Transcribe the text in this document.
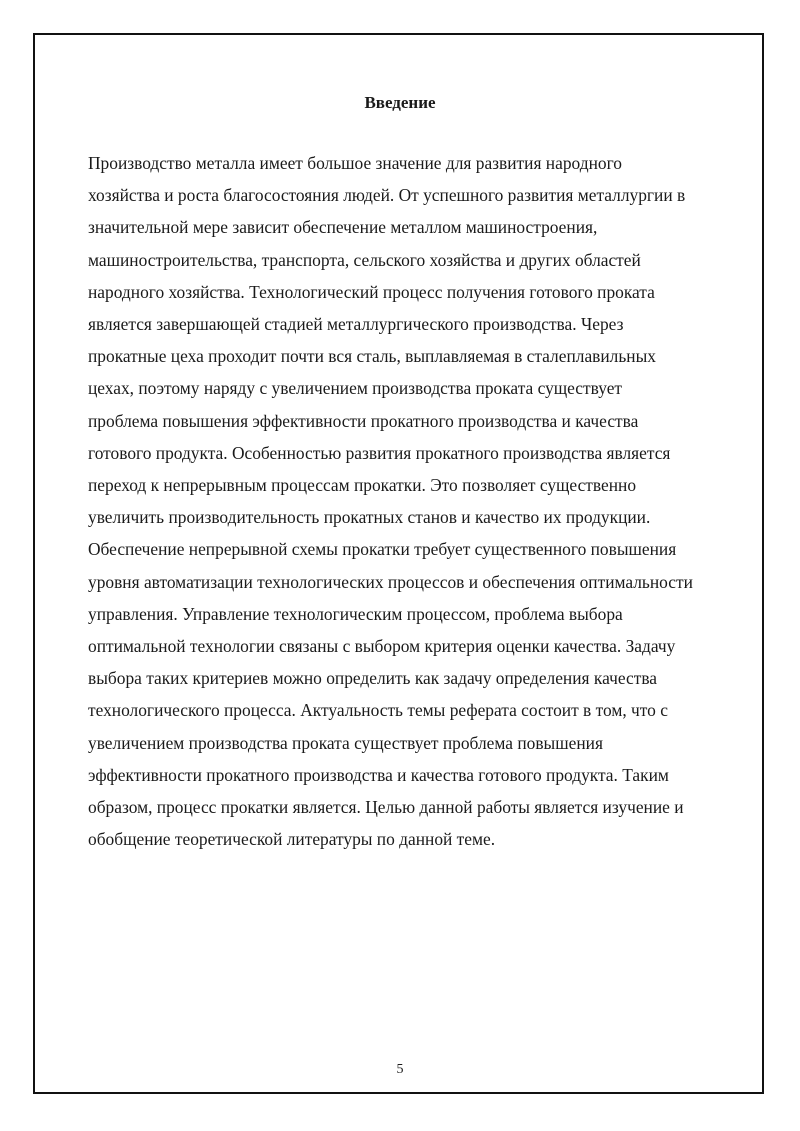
Введение

Производство металла имеет большое значение для развития народного
хозяйства и роста благосостояния людей. От успешного развития металлургии в
значительной мере зависит обеспечение металлом машиностроения,
машиностроительства, транспорта, сельского хозяйства и других областей
народного хозяйства. Технологический процесс получения готового проката
является завершающей стадией металлургического производства. Через
прокатные цеха проходит почти вся сталь, выплавляемая в сталеплавильных
цехах, поэтому наряду с увеличением производства проката существует
проблема повышения эффективности прокатного производства и качества
готового продукта. Особенностью развития прокатного производства является
переход к непрерывным процессам прокатки. Это позволяет существенно
увеличить производительность прокатных станов и качество их продукции.
Обеспечение непрерывной схемы прокатки требует существенного повышения
уровня автоматизации технологических процессов и обеспечения оптимальности
управления. Управление технологическим процессом, проблема выбора
оптимальной технологии связаны с выбором критерия оценки качества. Задачу
выбора таких критериев можно определить как задачу определения качества
технологического процесса. Актуальность темы реферата состоит в том, что с
увеличением производства проката существует проблема повышения
эффективности прокатного производства и качества готового продукта. Таким
образом, процесс прокатки является. Целью данной работы является изучение и
обобщение теоретической литературы по данной теме.

5
